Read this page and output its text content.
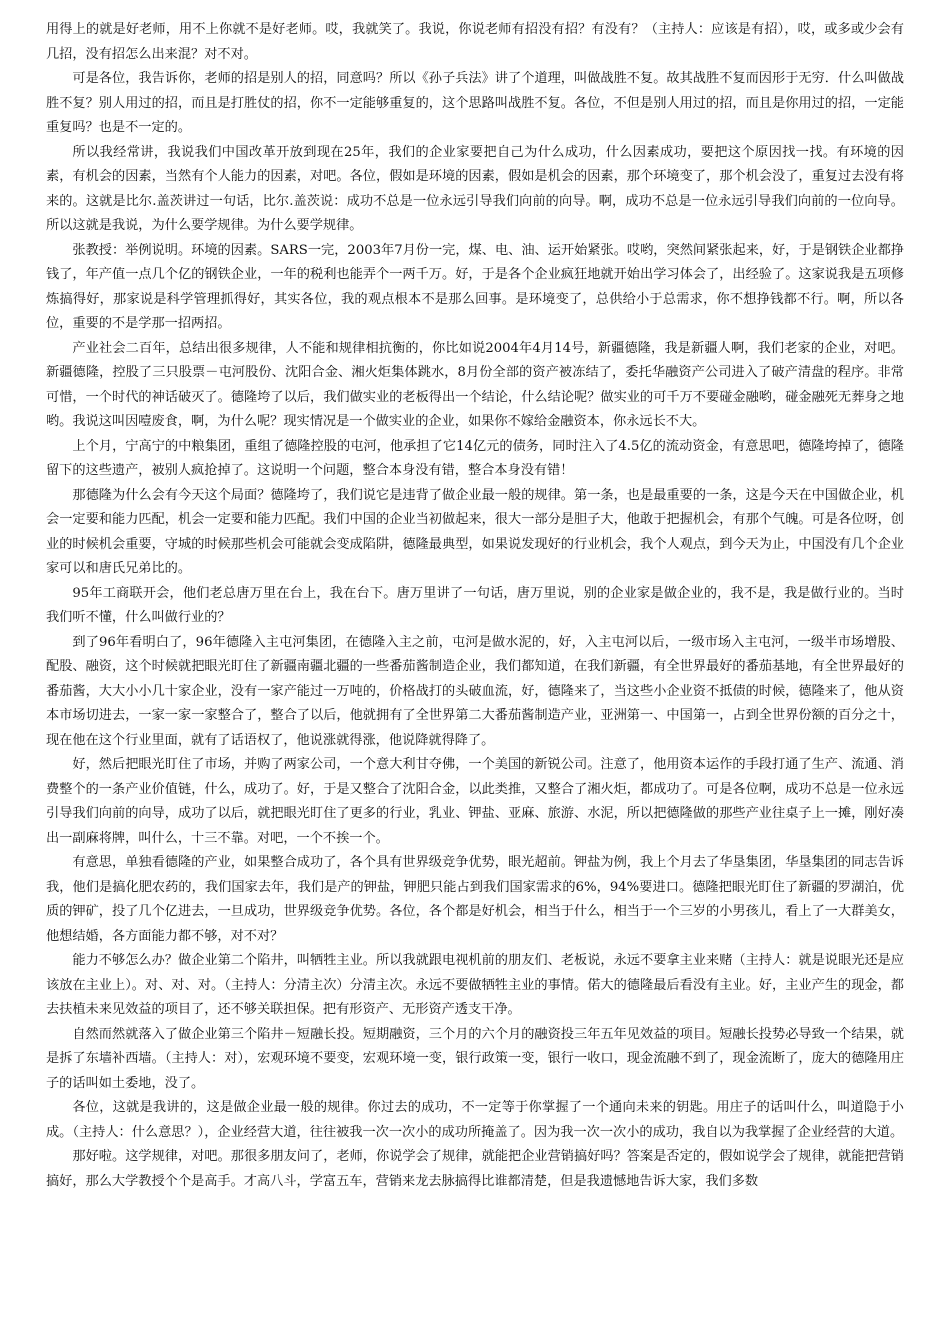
用得上的就是好老师，用不上你就不是好老师。哎，我就笑了。我说，你说老师有招没有招？有没有？（主持人：应该是有招），哎，或多或少会有几招，没有招怎么出来混？对不对。

可是各位，我告诉你，老师的招是别人的招，同意吗？所以《孙子兵法》讲了个道理，叫做战胜不复。故其战胜不复而因形于无穷．什么叫做战胜不复？别人用过的招，而且是打胜仗的招，你不一定能够重复的，这个思路叫战胜不复。各位，不但是别人用过的招，而且是你用过的招，一定能重复吗？也是不一定的。

所以我经常讲，我说我们中国改革开放到现在25年，我们的企业家要把自己为什么成功，什么因素成功，要把这个原因找一找。有环境的因素，有机会的因素，当然有个人能力的因素，对吧。各位，假如是环境的因素，假如是机会的因素，那个环境变了，那个机会没了，重复过去没有将来的。这就是比尔.盖茨讲过一句话，比尔.盖茨说：成功不总是一位永远引导我们向前的向导。啊，成功不总是一位永远引导我们向前的一位向导。所以这就是我说，为什么要学规律。为什么要学规律。

张教授：举例说明。环境的因素。SARS一完，2003年7月份一完，煤、电、油、运开始紧张。哎哟，突然间紧张起来，好，于是钢铁企业都挣钱了，年产值一点几个亿的钢铁企业，一年的税利也能弄个一两千万。好，于是各个企业疯狂地就开始出学习体会了，出经验了。这家说我是五项修炼搞得好，那家说是科学管理抓得好，其实各位，我的观点根本不是那么回事。是环境变了，总供给小于总需求，你不想挣钱都不行。啊，所以各位，重要的不是学那一招两招。

产业社会二百年，总结出很多规律，人不能和规律相抗衡的，你比如说2004年4月14号，新疆德隆，我是新疆人啊，我们老家的企业，对吧。新疆德隆，控股了三只股票－屯河股份、沈阳合金、湘火炬集体跳水，8月份全部的资产被冻结了，委托华融资产公司进入了破产清盘的程序。非常可惜，一个时代的神话破灭了。德隆垮了以后，我们做实业的老板得出一个结论，什么结论呢？做实业的可千万不要碰金融哟，碰金融死无葬身之地哟。我说这叫因噎废食，啊，为什么呢？现实情况是一个做实业的企业，如果你不嫁给金融资本，你永远长不大。

上个月，宁高宁的中粮集团，重组了德隆控股的屯河，他承担了它14亿元的债务，同时注入了4.5亿的流动资金，有意思吧，德隆垮掉了，德隆留下的这些遗产，被别人疯抢掉了。这说明一个问题，整合本身没有错，整合本身没有错！

那德隆为什么会有今天这个局面？德隆垮了，我们说它是违背了做企业最一般的规律。第一条，也是最重要的一条，这是今天在中国做企业，机会一定要和能力匹配，机会一定要和能力匹配。我们中国的企业当初做起来，很大一部分是胆子大，他敢于把握机会，有那个气魄。可是各位呀，创业的时候机会重要，守城的时候那些机会可能就会变成陷阱，德隆最典型，如果说发现好的行业机会，我个人观点，到今天为止，中国没有几个企业家可以和唐氏兄弟比的。

95年工商联开会，他们老总唐万里在台上，我在台下。唐万里讲了一句话，唐万里说，别的企业家是做企业的，我不是，我是做行业的。当时我们听不懂，什么叫做行业的？

到了96年看明白了，96年德隆入主屯河集团，在德隆入主之前，屯河是做水泥的，好，入主屯河以后，一级市场入主屯河，一级半市场增股、配股、融资，这个时候就把眼光盯住了新疆南疆北疆的一些番茄酱制造企业，我们都知道，在我们新疆，有全世界最好的番茄基地，有全世界最好的番茄酱，大大小小几十家企业，没有一家产能过一万吨的，价格战打的头破血流，好，德隆来了，当这些小企业资不抵债的时候，德隆来了，他从资本市场切进去，一家一家一家整合了，整合了以后，他就拥有了全世界第二大番茄酱制造产业，亚洲第一、中国第一，占到全世界份额的百分之十，现在他在这个行业里面，就有了话语权了，他说涨就得涨，他说降就得降了。

好，然后把眼光盯住了市场，并购了两家公司，一个意大利甘夺佛，一个美国的新锐公司。注意了，他用资本运作的手段打通了生产、流通、消费整个的一条产业价值链，什么，成功了。好，于是又整合了沈阳合金，以此类推，又整合了湘火炬，都成功了。可是各位啊，成功不总是一位永远引导我们向前的向导，成功了以后，就把眼光盯住了更多的行业，乳业、钾盐、亚麻、旅游、水泥，所以把德隆做的那些产业往桌子上一摊，刚好凑出一副麻将牌，叫什么，十三不靠。对吧，一个不挨一个。

有意思，单独看德隆的产业，如果整合成功了，各个具有世界级竞争优势，眼光超前。钾盐为例，我上个月去了华垦集团，华垦集团的同志告诉我，他们是搞化肥农药的，我们国家去年，我们是产的钾盐，钾肥只能占到我们国家需求的6%，94%要进口。德隆把眼光盯住了新疆的罗湖泊，优质的钾矿，投了几个亿进去，一旦成功，世界级竞争优势。各位，各个都是好机会，相当于什么，相当于一个三岁的小男孩儿，看上了一大群美女，他想结婚，各方面能力都不够，对不对？

能力不够怎么办？做企业第二个陷井，叫牺牲主业。所以我就跟电视机前的朋友们、老板说，永远不要拿主业来赌（主持人：就是说眼光还是应该放在主业上）。对、对、对。（主持人：分清主次）分清主次。永远不要做牺牲主业的事情。偌大的德隆最后看没有主业。好，主业产生的现金，都去扶植未来见效益的项目了，还不够关联担保。把有形资产、无形资产透支干净。

自然而然就落入了做企业第三个陷井－短融长投。短期融资，三个月的六个月的融资投三年五年见效益的项目。短融长投势必导致一个结果，就是拆了东墙补西墙。（主持人：对），宏观环境不要变，宏观环境一变，银行政策一变，银行一收口，现金流融不到了，现金流断了，庞大的德隆用庄子的话叫如土委地，没了。

各位，这就是我讲的，这是做企业最一般的规律。你过去的成功，不一定等于你掌握了一个通向未来的钥匙。用庄子的话叫什么，叫道隐于小成。（主持人：什么意思？），企业经营大道，往往被我一次一次小的成功所掩盖了。因为我一次一次小的成功，我自以为我掌握了企业经营的大道。

那好啦。这学规律，对吧。那很多朋友问了，老师，你说学会了规律，就能把企业营销搞好吗？答案是否定的，假如说学会了规律，就能把营销搞好，那么大学教授个个是高手。才高八斗，学富五车，营销来龙去脉搞得比谁都清楚，但是我遗憾地告诉大家，我们多数
